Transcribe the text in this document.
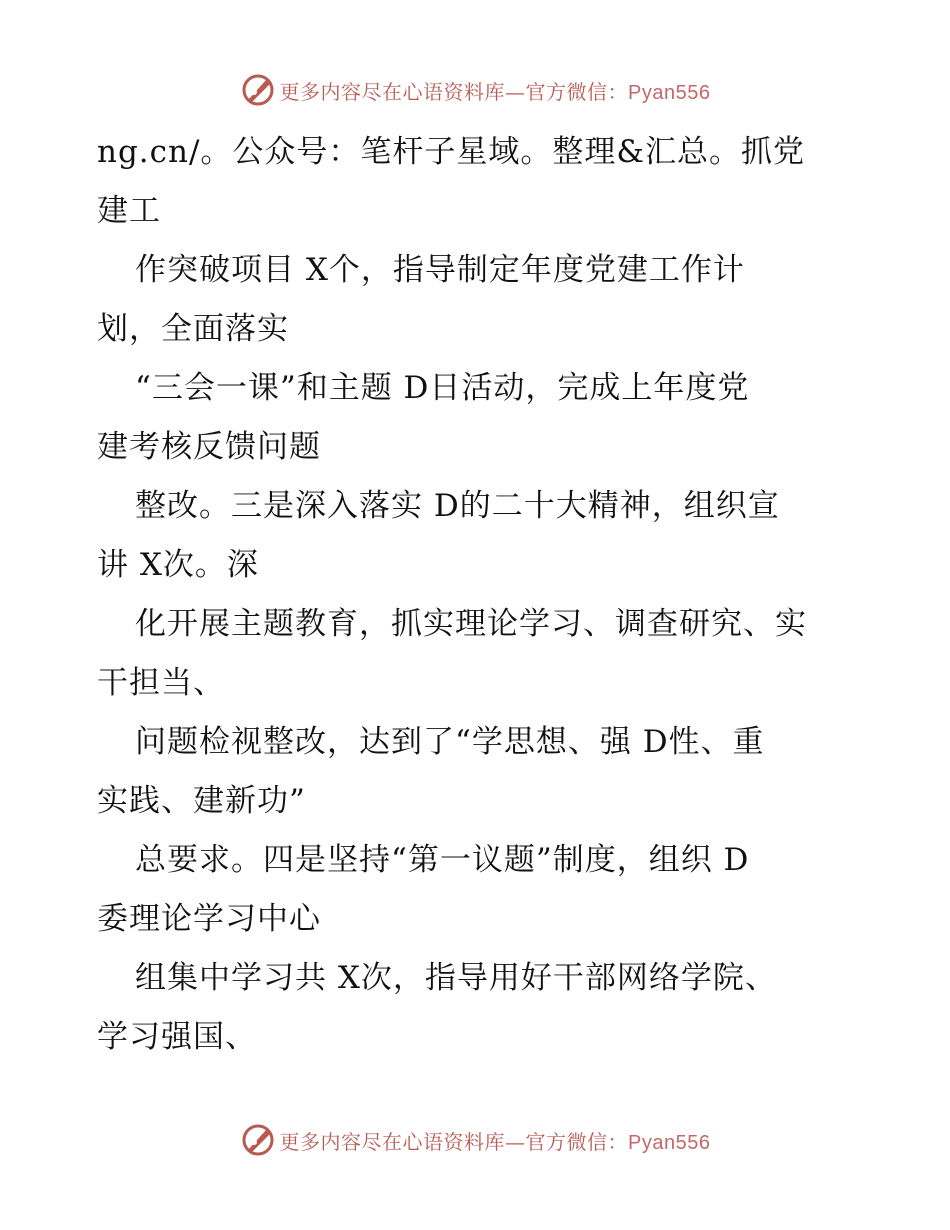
更多内容尽在心语资料库—官方微信：Pyan556
ng.cn/。公众号：笔杆子星域。整理&汇总。抓党
建工
作突破项目 X个，指导制定年度党建工作计
划，全面落实
“三会一课”和主题 D日活动，完成上年度党
建考核反馈问题
整改。三是深入落实 D的二十大精神，组织宣
讲 X次。深
化开展主题教育，抓实理论学习、调查研究、实
干担当、
问题检视整改，达到了“学思想、强 D性、重
实践、建新功”
总要求。四是坚持“第一议题”制度，组织 D
委理论学习中心
组集中学习共 X次，指导用好干部网络学院、
学习强国、
更多内容尽在心语资料库—官方微信：Pyan556
